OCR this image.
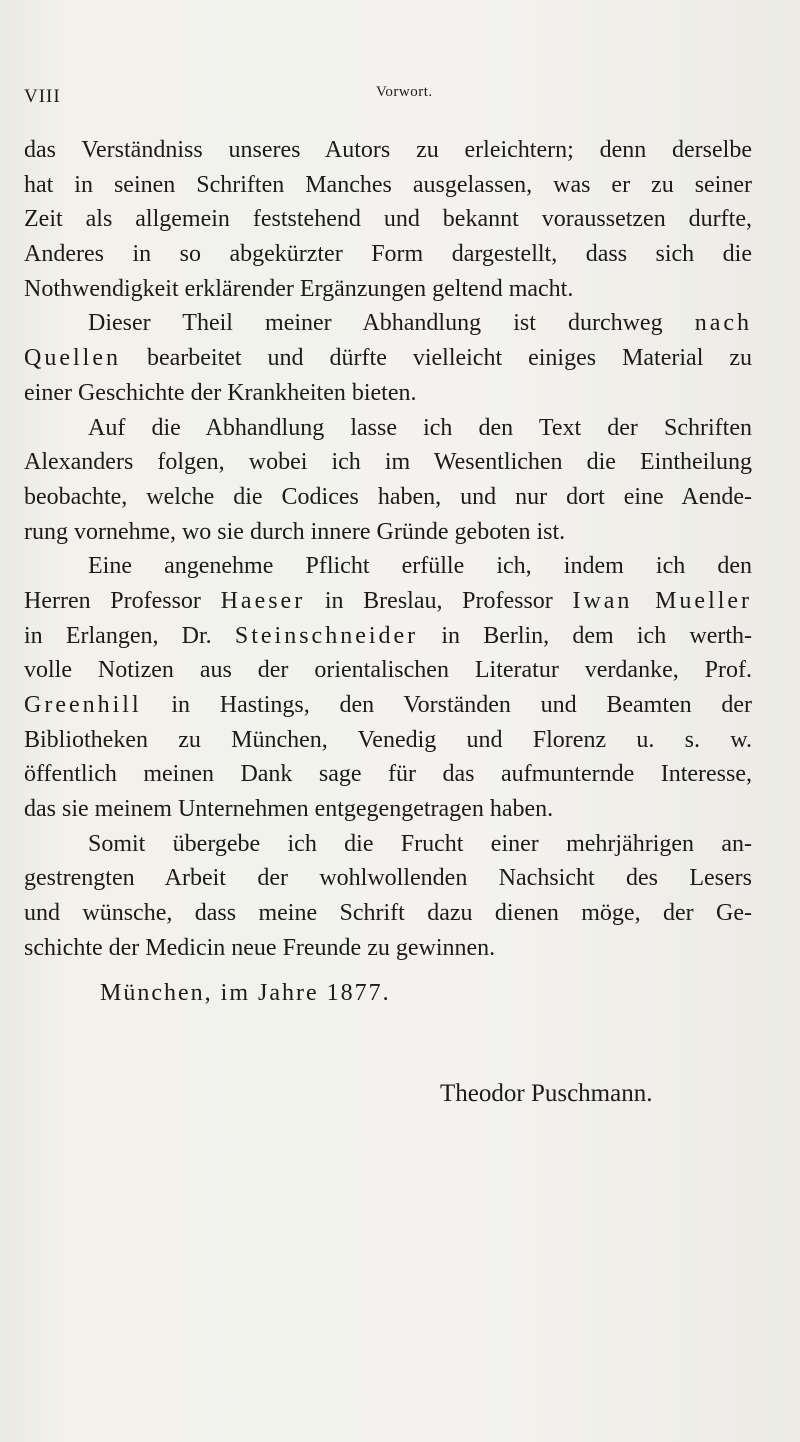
VIII	Vorwort.
das Verständniss unseres Autors zu erleichtern; denn derselbe
hat in seinen Schriften Manches ausgelassen, was er zu seiner
Zeit als allgemein feststehend und bekannt voraussetzen durfte,
Anderes in so abgekürzter Form dargestellt, dass sich die
Nothwendigkeit erklärender Ergänzungen geltend macht.
Dieser Theil meiner Abhandlung ist durchweg nach
Quellen bearbeitet und dürfte vielleicht einiges Material zu
einer Geschichte der Krankheiten bieten.
Auf die Abhandlung lasse ich den Text der Schriften
Alexanders folgen, wobei ich im Wesentlichen die Eintheilung
beobachte, welche die Codices haben, und nur dort eine Aende-
rung vornehme, wo sie durch innere Gründe geboten ist.
Eine angenehme Pflicht erfülle ich, indem ich den
Herren Professor Haeser in Breslau, Professor Iwan Mueller
in Erlangen, Dr. Steinschneider in Berlin, dem ich werth-
volle Notizen aus der orientalischen Literatur verdanke, Prof.
Greenhill in Hastings, den Vorständen und Beamten der
Bibliotheken zu München, Venedig und Florenz u. s. w.
öffentlich meinen Dank sage für das aufmunternde Interesse,
das sie meinem Unternehmen entgegengetragen haben.
Somit übergebe ich die Frucht einer mehrjährigen an-
gestrengten Arbeit der wohlwollenden Nachsicht des Lesers
und wünsche, dass meine Schrift dazu dienen möge, der Ge-
schichte der Medicin neue Freunde zu gewinnen.
München, im Jahre 1877.
Theodor Puschmann.
